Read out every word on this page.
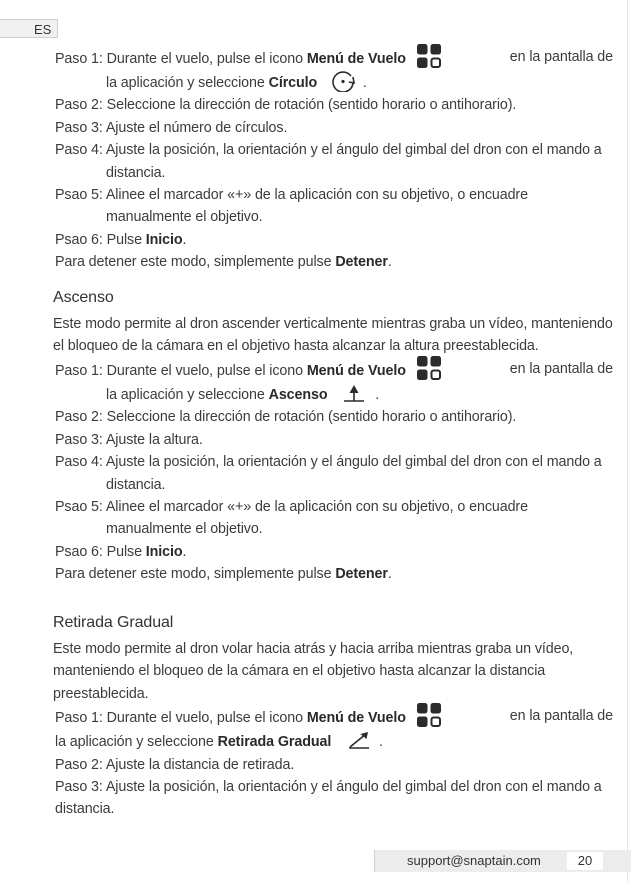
ES
Paso 1: Durante el vuelo, pulse el icono Menú de Vuelo	en la pantalla de
la aplicación y seleccione Círculo	.
Paso 2: Seleccione la dirección de rotación (sentido horario o antihorario).
Paso 3: Ajuste el número de círculos.
Paso 4: Ajuste la posición, la orientación y el ángulo del gimbal del dron con el mando a distancia.
Psao 5: Alinee el marcador «+» de la aplicación con su objetivo, o encuadre manualmente el objetivo.
Psao 6: Pulse Inicio.
Para detener este modo, simplemente pulse Detener.
Ascenso
Este modo permite al dron ascender verticalmente mientras graba un vídeo, manteniendo el bloqueo de la cámara en el objetivo hasta alcanzar la altura preestablecida.
Paso 1: Durante el vuelo, pulse el icono Menú de Vuelo	en la pantalla de
la aplicación y seleccione Ascenso	.
Paso 2: Seleccione la dirección de rotación (sentido horario o antihorario).
Paso 3: Ajuste la altura.
Paso 4: Ajuste la posición, la orientación y el ángulo del gimbal del dron con el mando a distancia.
Psao 5: Alinee el marcador «+» de la aplicación con su objetivo, o encuadre manualmente el objetivo.
Psao 6: Pulse Inicio.
Para detener este modo, simplemente pulse Detener.
Retirada Gradual
Este modo permite al dron volar hacia atrás y hacia arriba mientras graba un vídeo, manteniendo el bloqueo de la cámara en el objetivo hasta alcanzar la distancia preestablecida.
Paso 1: Durante el vuelo, pulse el icono Menú de Vuelo	en la pantalla de
la aplicación y seleccione Retirada Gradual	.
Paso 2: Ajuste la distancia de retirada.
Paso 3: Ajuste la posición, la orientación y el ángulo del gimbal del dron con el mando a distancia.
support@snaptain.com	20
